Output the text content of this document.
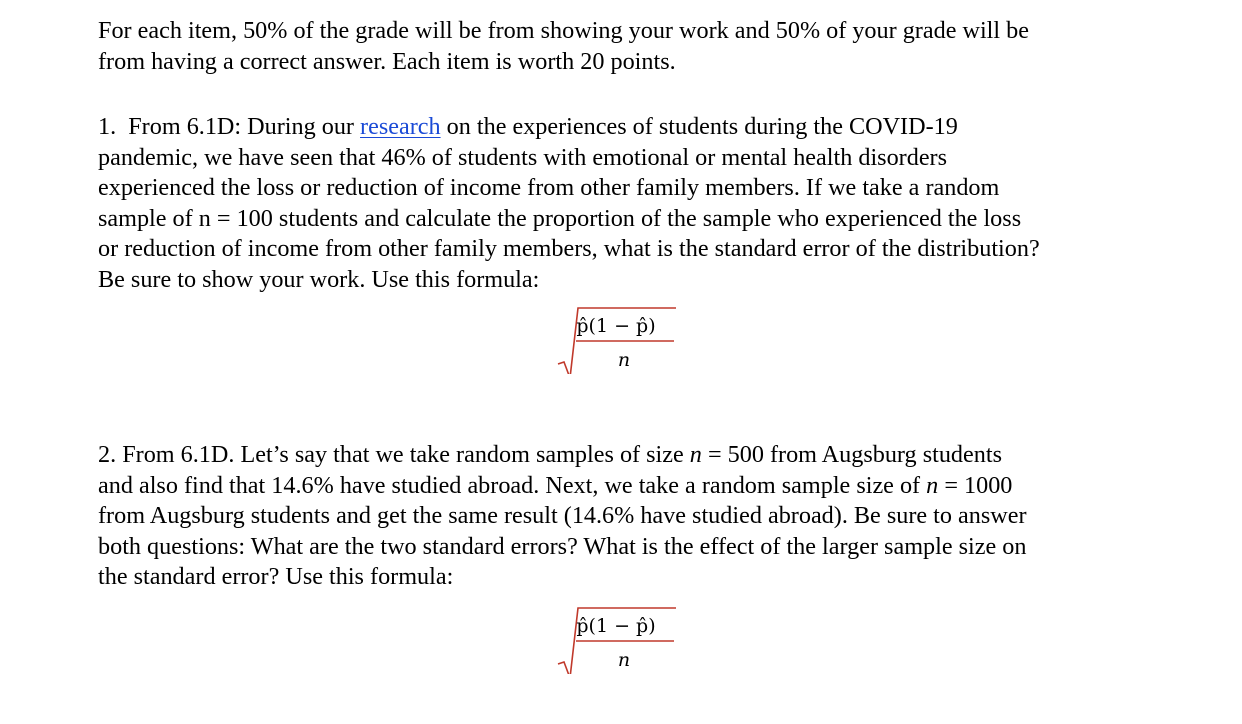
For each item, 50% of the grade will be from showing your work and 50% of your grade will be
from having a correct answer. Each item is worth 20 points.
1.  From 6.1D: During our research on the experiences of students during the COVID-19
pandemic, we have seen that 46% of students with emotional or mental health disorders
experienced the loss or reduction of income from other family members. If we take a random
sample of n = 100 students and calculate the proportion of the sample who experienced the loss
or reduction of income from other family members, what is the standard error of the distribution?
Be sure to show your work. Use this formula:
p̂(1 − p̂)
n
2. From 6.1D. Let’s say that we take random samples of size n = 500 from Augsburg students
and also find that 14.6% have studied abroad. Next, we take a random sample size of n = 1000
from Augsburg students and get the same result (14.6% have studied abroad). Be sure to answer
both questions: What are the two standard errors? What is the effect of the larger sample size on
the standard error? Use this formula:
p̂(1 − p̂)
n
